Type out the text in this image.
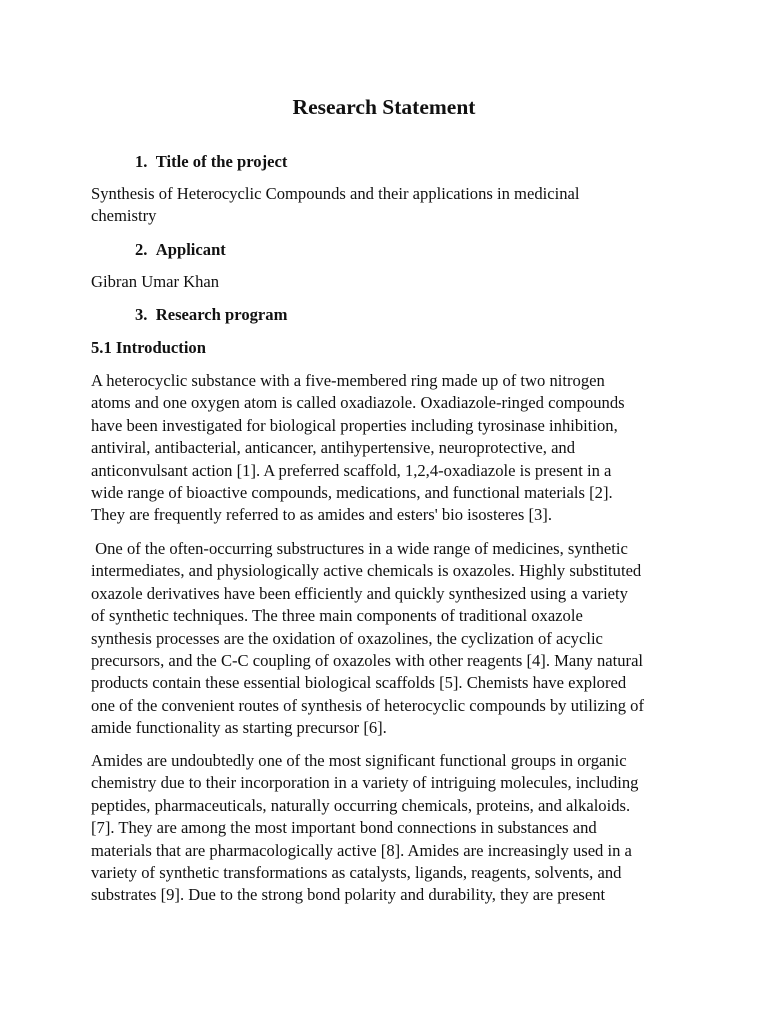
Research Statement
1. Title of the project
Synthesis of Heterocyclic Compounds and their applications in medicinal
chemistry
2. Applicant
Gibran Umar Khan
3. Research program
5.1 Introduction
A heterocyclic substance with a five-membered ring made up of two nitrogen
atoms and one oxygen atom is called oxadiazole. Oxadiazole-ringed compounds
have been investigated for biological properties including tyrosinase inhibition,
antiviral, antibacterial, anticancer, antihypertensive, neuroprotective, and
anticonvulsant action [1]. A preferred scaffold, 1,2,4-oxadiazole is present in a
wide range of bioactive compounds, medications, and functional materials [2].
They are frequently referred to as amides and esters' bio isosteres [3].
One of the often-occurring substructures in a wide range of medicines, synthetic
intermediates, and physiologically active chemicals is oxazoles. Highly substituted
oxazole derivatives have been efficiently and quickly synthesized using a variety
of synthetic techniques. The three main components of traditional oxazole
synthesis processes are the oxidation of oxazolines, the cyclization of acyclic
precursors, and the C-C coupling of oxazoles with other reagents [4]. Many natural
products contain these essential biological scaffolds [5]. Chemists have explored
one of the convenient routes of synthesis of heterocyclic compounds by utilizing of
amide functionality as starting precursor [6].
Amides are undoubtedly one of the most significant functional groups in organic
chemistry due to their incorporation in a variety of intriguing molecules, including
peptides, pharmaceuticals, naturally occurring chemicals, proteins, and alkaloids.
[7]. They are among the most important bond connections in substances and
materials that are pharmacologically active [8]. Amides are increasingly used in a
variety of synthetic transformations as catalysts, ligands, reagents, solvents, and
substrates [9]. Due to the strong bond polarity and durability, they are present
